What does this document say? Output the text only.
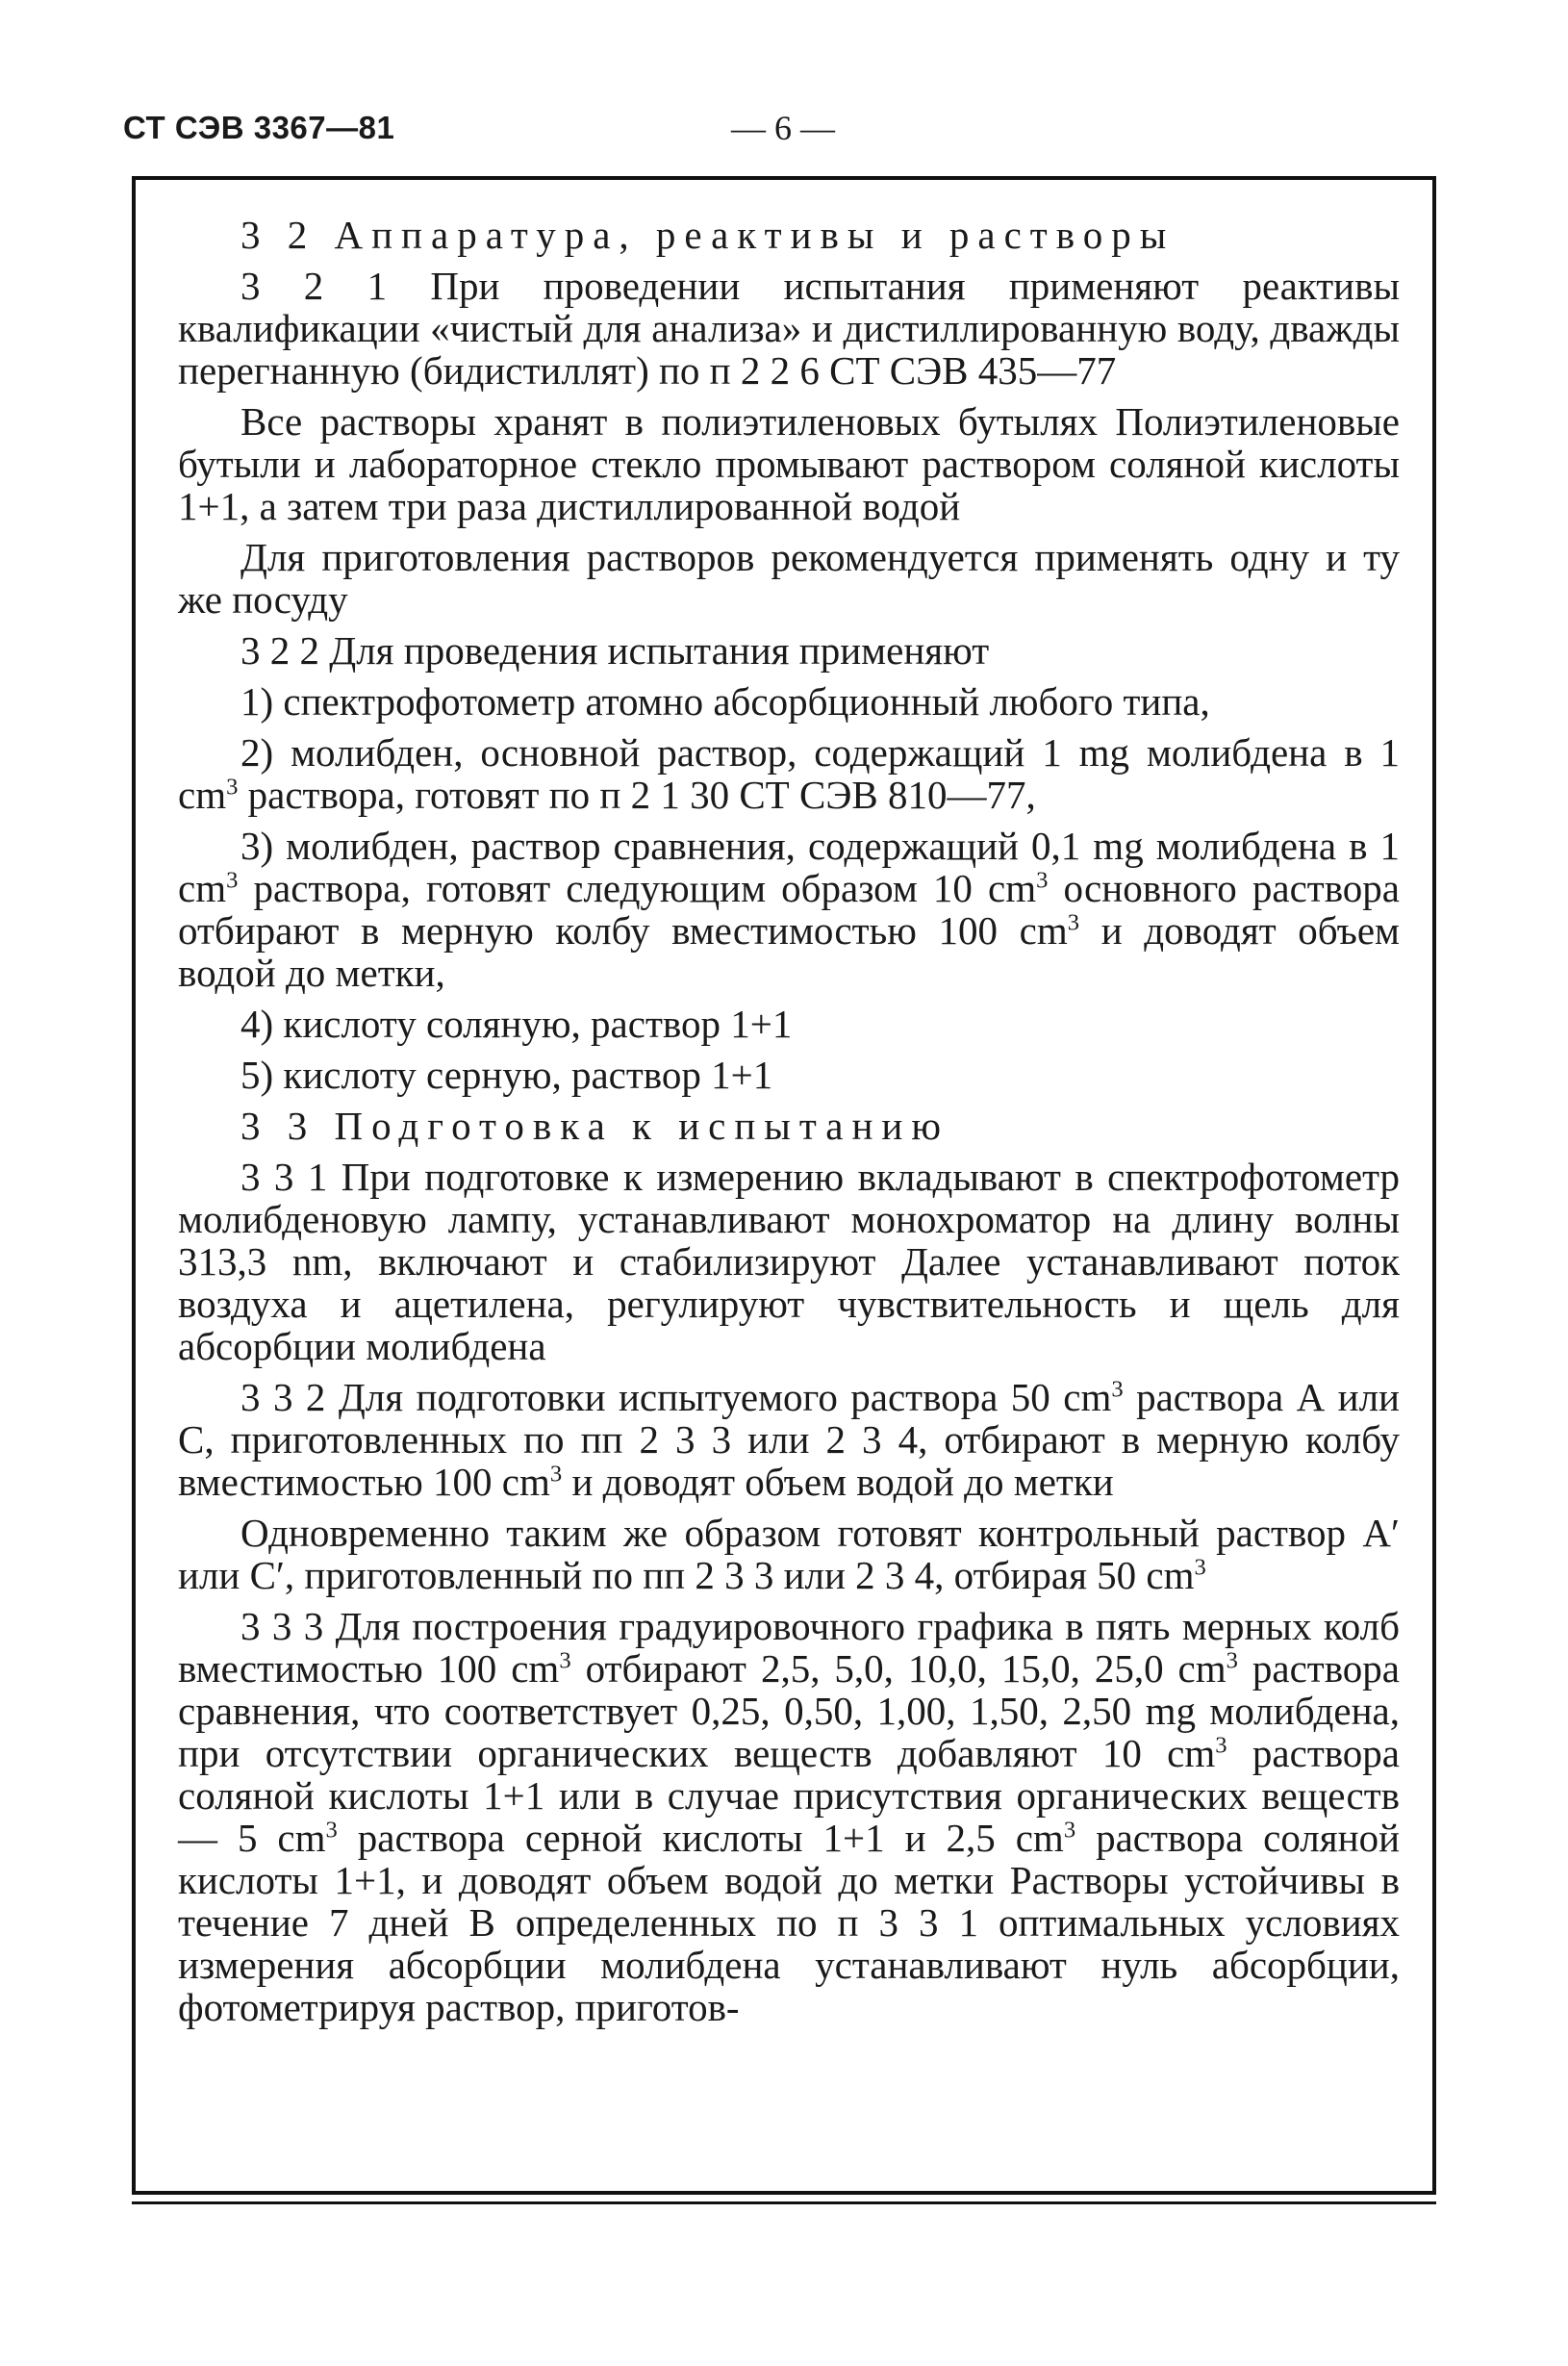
СТ СЭВ 3367—81	— 6 —

3 2 Аппаратура, реактивы и растворы

3 2 1 При проведении испытания применяют реактивы квалификации «чистый для анализа» и дистиллированную воду, дважды перегнанную (бидистиллят) по п 2 2 6 СТ СЭВ 435—77

Все растворы хранят в полиэтиленовых бутылях Полиэтиленовые бутыли и лабораторное стекло промывают раствором соляной кислоты 1+1, а затем три раза дистиллированной водой

Для приготовления растворов рекомендуется применять одну и ту же посуду

3 2 2 Для проведения испытания применяют

1) спектрофотометр атомно абсорбционный любого типа,

2) молибден, основной раствор, содержащий 1 mg молибдена в 1 $cm^3$ раствора, готовят по п 2 1 30 СТ СЭВ 810—77,

3) молибден, раствор сравнения, содержащий 0,1 mg молибдена в 1 $cm^3$ раствора, готовят следующим образом 10 $cm^3$ основного раствора отбирают в мерную колбу вместимостью 100 $cm^3$ и доводят объем водой до метки,

4) кислоту соляную, раствор 1+1

5) кислоту серную, раствор 1+1

3 3 Подготовка к испытанию

3 3 1 При подготовке к измерению вкладывают в спектрофотометр молибденовую лампу, устанавливают монохроматор на длину волны 313,3 nm, включают и стабилизируют Далее устанавливают поток воздуха и ацетилена, регулируют чувствительность и щель для абсорбции молибдена

3 3 2 Для подготовки испытуемого раствора 50 $cm^3$ раствора А или С, приготовленных по пп 2 3 3 или 2 3 4, отбирают в мерную колбу вместимостью 100 $cm^3$ и доводят объем водой до метки

Одновременно таким же образом готовят контрольный раствор А′ или С′, приготовленный по пп 2 3 3 или 2 3 4, отбирая 50 $cm^3$

3 3 3 Для построения градуировочного графика в пять мерных колб вместимостью 100 $cm^3$ отбирают 2,5, 5,0, 10,0, 15,0, 25,0 $cm^3$ раствора сравнения, что соответствует 0,25, 0,50, 1,00, 1,50, 2,50 mg молибдена, при отсутствии органических веществ добавляют 10 $cm^3$ раствора соляной кислоты 1+1 или в случае присутствия органических веществ — 5 $cm^3$ раствора серной кислоты 1+1 и 2,5 $cm^3$ раствора соляной кислоты 1+1, и доводят объем водой до метки Растворы устойчивы в течение 7 дней В определенных по п 3 3 1 оптимальных условиях измерения абсорбции молибдена устанавливают нуль абсорбции, фотометрируя раствор, приготов-
